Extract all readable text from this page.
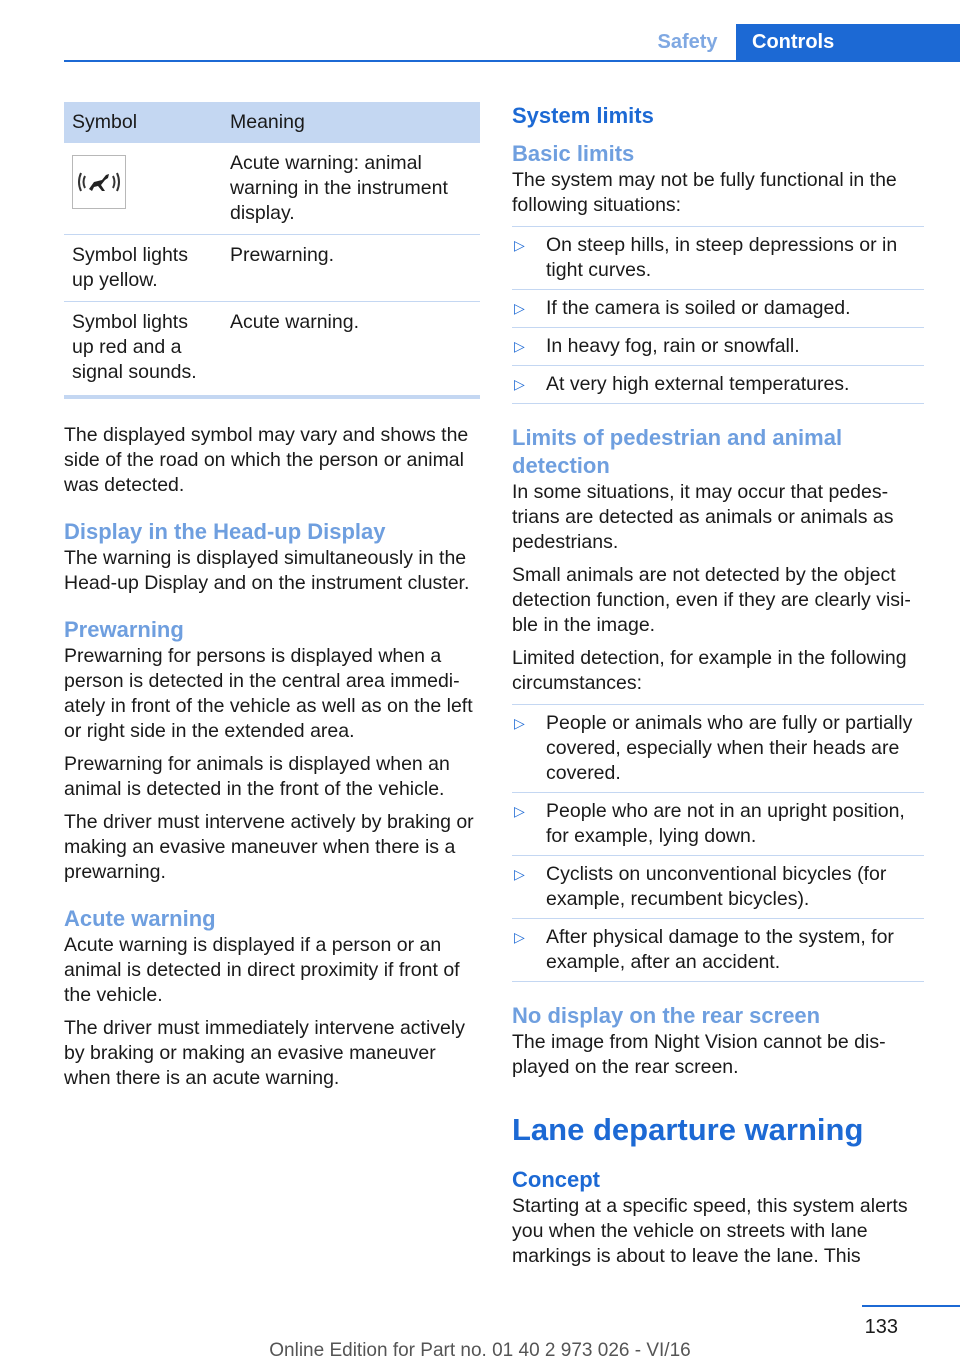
Safety	Controls
Symbol	Meaning

	Acute warning: animal warning in the instrument display.
Symbol lights up yellow.	Prewarning.
Symbol lights up red and a signal sounds.	Acute warning.

The displayed symbol may vary and shows the side of the road on which the person or animal was detected.

Display in the Head-up Display

The warning is displayed simultaneously in the Head-up Display and on the instrument cluster.

Prewarning

Prewarning for persons is displayed when a person is detected in the central area immediately in front of the vehicle as well as on the left or right side in the extended area.

Prewarning for animals is displayed when an animal is detected in the front of the vehicle.

The driver must intervene actively by braking or making an evasive maneuver when there is a prewarning.

Acute warning

Acute warning is displayed if a person or an animal is detected in direct proximity if front of the vehicle.

The driver must immediately intervene actively by braking or making an evasive maneuver when there is an acute warning.

System limits
Basic limits

The system may not be fully functional in the following situations:

▷ On steep hills, in steep depressions or in tight curves.
▷ If the camera is soiled or damaged.
▷ In heavy fog, rain or snowfall.
▷ At very high external temperatures.
Limits of pedestrian and animal detection

In some situations, it may occur that pedestrians are detected as animals or animals as pedestrians.

Small animals are not detected by the object detection function, even if they are clearly visible in the image.

Limited detection, for example in the following circumstances:

▷ People or animals who are fully or partially covered, especially when their heads are covered.
▷ People who are not in an upright position, for example, lying down.
▷ Cyclists on unconventional bicycles (for example, recumbent bicycles).
▷ After physical damage to the system, for example, after an accident.
No display on the rear screen

The image from Night Vision cannot be displayed on the rear screen.

Lane departure warning
Concept

Starting at a specific speed, this system alerts you when the vehicle on streets with lane markings is about to leave the lane. This

133
Online Edition for Part no. 01 40 2 973 026 - VI/16
